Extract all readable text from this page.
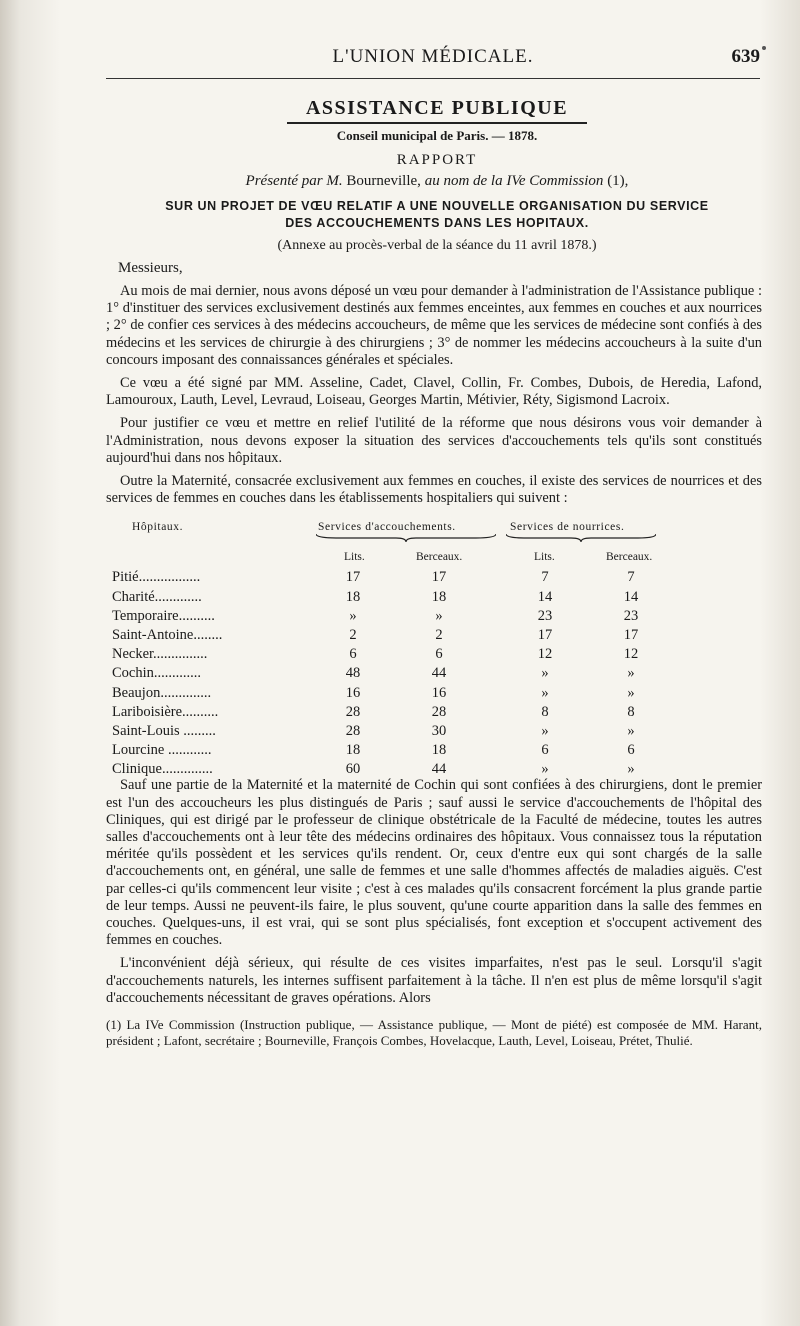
L'UNION MÉDICALE.	639
ASSISTANCE PUBLIQUE
Conseil municipal de Paris. — 1878.
RAPPORT
Présenté par M. Bourneville, au nom de la IVe Commission (1),
SUR UN PROJET DE VŒU RELATIF A UNE NOUVELLE ORGANISATION DU SERVICE
DES ACCOUCHEMENTS DANS LES HOPITAUX.
(Annexe au procès-verbal de la séance du 11 avril 1878.)
Messieurs,

Au mois de mai dernier, nous avons déposé un vœu pour demander à l'administration de l'Assistance publique : 1° d'instituer des services exclusivement destinés aux femmes enceintes, aux femmes en couches et aux nourrices ; 2° de confier ces services à des médecins accoucheurs, de même que les services de médecine sont confiés à des médecins et les services de chirurgie à des chirurgiens ; 3° de nommer les médecins accoucheurs à la suite d'un concours imposant des connaissances générales et spéciales.

Ce vœu a été signé par MM. Asseline, Cadet, Clavel, Collin, Fr. Combes, Dubois, de Heredia, Lafond, Lamouroux, Lauth, Level, Levraud, Loiseau, Georges Martin, Métivier, Réty, Sigismond Lacroix.

Pour justifier ce vœu et mettre en relief l'utilité de la réforme que nous désirons vous voir demander à l'Administration, nous devons exposer la situation des services d'accouchements tels qu'ils sont constitués aujourd'hui dans nos hôpitaux.

Outre la Maternité, consacrée exclusivement aux femmes en couches, il existe des services de nourrices et des services de femmes en couches dans les établissements hospitaliers qui suivent :

Hôpitaux.	Services d'accouchements.	Services de nourrices.
Lits.	Berceaux.	Lits.	Berceaux.
Pitié.................	17	17	7	7
Charité.............	18	18	14	14
Temporaire..........	»	»	23	23
Saint-Antoine........	2	2	17	17
Necker...............	6	6	12	12
Cochin.............	48	44	»	»
Beaujon..............	16	16	»	»
Lariboisière..........	28	28	8	8
Saint-Louis .........	28	30	»	»
Lourcine ............	18	18	6	6
Clinique..............	60	44	»	»

Sauf une partie de la Maternité et la maternité de Cochin qui sont confiées à des chirurgiens, dont le premier est l'un des accoucheurs les plus distingués de Paris ; sauf aussi le service d'accouchements de l'hôpital des Cliniques, qui est dirigé par le professeur de clinique obstétricale de la Faculté de médecine, toutes les autres salles d'accouchements ont à leur tête des médecins ordinaires des hôpitaux. Vous connaissez tous la réputation méritée qu'ils possèdent et les services qu'ils rendent. Or, ceux d'entre eux qui sont chargés de la salle d'accouchements ont, en général, une salle de femmes et une salle d'hommes affectés de maladies aiguës. C'est par celles-ci qu'ils commencent leur visite ; c'est à ces malades qu'ils consacrent forcément la plus grande partie de leur temps. Aussi ne peuvent-ils faire, le plus souvent, qu'une courte apparition dans la salle des femmes en couches. Quelques-uns, il est vrai, qui se sont plus spécialisés, font exception et s'occupent activement des femmes en couches.

L'inconvénient déjà sérieux, qui résulte de ces visites imparfaites, n'est pas le seul. Lorsqu'il s'agit d'accouchements naturels, les internes suffisent parfaitement à la tâche. Il n'en est plus de même lorsqu'il s'agit d'accouchements nécessitant de graves opérations. Alors

(1) La IVe Commission (Instruction publique, — Assistance publique, — Mont de piété) est composée de MM. Harant, président ; Lafont, secrétaire ; Bourneville, François Combes, Hovelacque, Lauth, Level, Loiseau, Prétet, Thulié.
